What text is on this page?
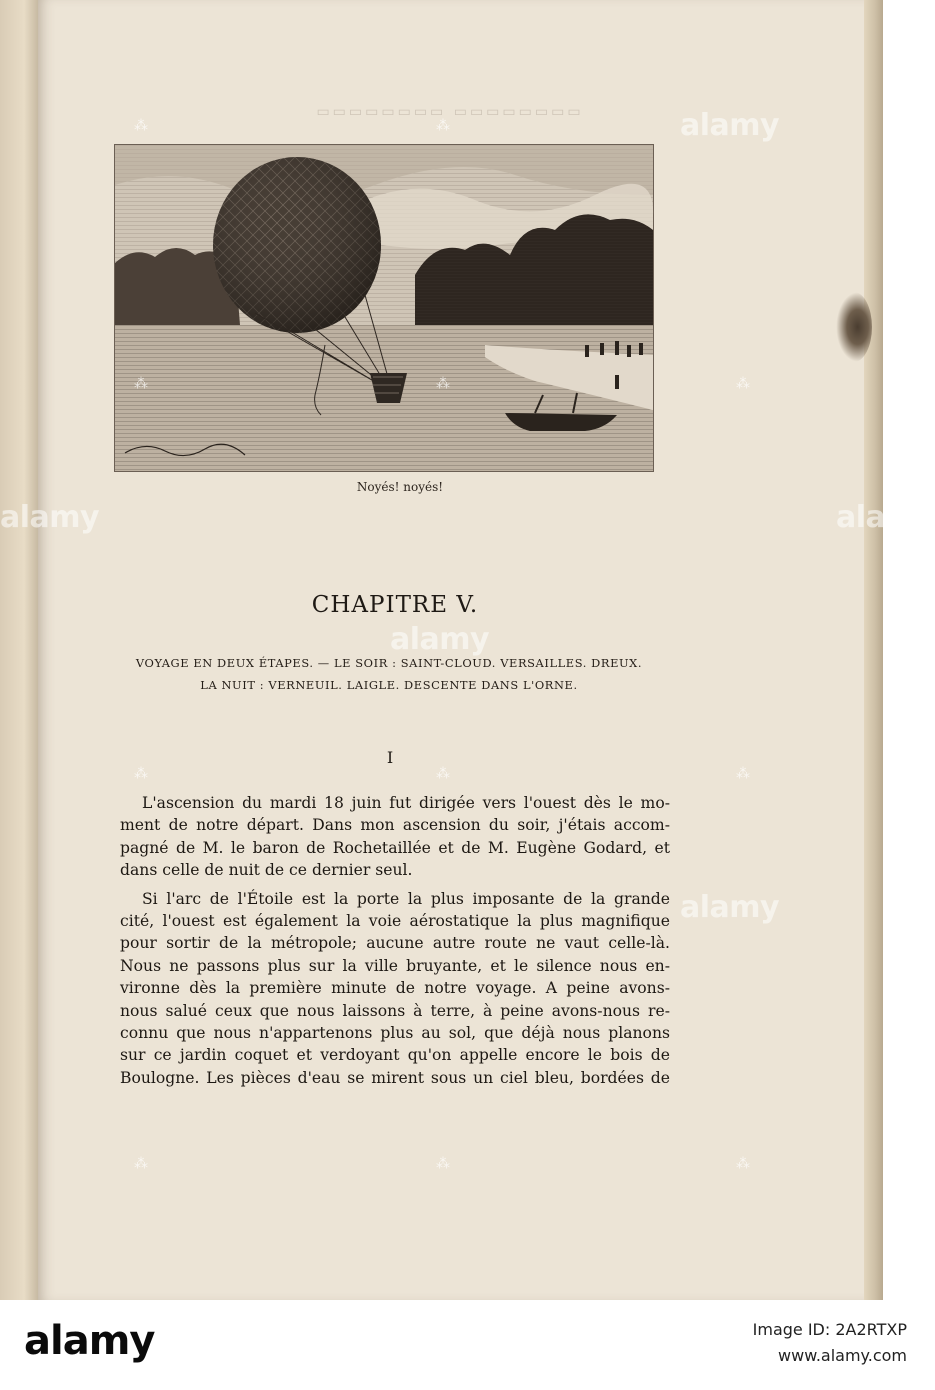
▭▭▭▭▭▭▭▭ ▭▭▭▭▭▭▭▭
Noyés! noyés!
CHAPITRE V.
VOYAGE EN DEUX ÉTAPES. — LE SOIR : SAINT-CLOUD. VERSAILLES. DREUX.
LA NUIT : VERNEUIL. LAIGLE. DESCENTE DANS L'ORNE.
I
L'ascension du mardi 18 juin fut dirigée vers l'ouest dès le mo-
ment de notre départ. Dans mon ascension du soir, j'étais accom-
pagné de M. le baron de Rochetaillée et de M. Eugène Godard, et
dans celle de nuit de ce dernier seul.
Si l'arc de l'Étoile est la porte la plus imposante de la grande
cité, l'ouest est également la voie aérostatique la plus magnifique
pour sortir de la métropole; aucune autre route ne vaut celle-là.
Nous ne passons plus sur la ville bruyante, et le silence nous en-
vironne dès la première minute de notre voyage. A peine avons-
nous salué ceux que nous laissons à terre, à peine avons-nous re-
connu que nous n'appartenons plus au sol, que déjà nous planons
sur ce jardin coquet et verdoyant qu'on appelle encore le bois de
Boulogne. Les pièces d'eau se mirent sous un ciel bleu, bordées de
alamy
alamy
alamy
alamy	alamy
⁂	⁂
⁂	⁂	⁂
⁂	⁂	⁂
⁂	⁂	⁂
alamy	Image ID: 2A2RTXP
www.alamy.com
